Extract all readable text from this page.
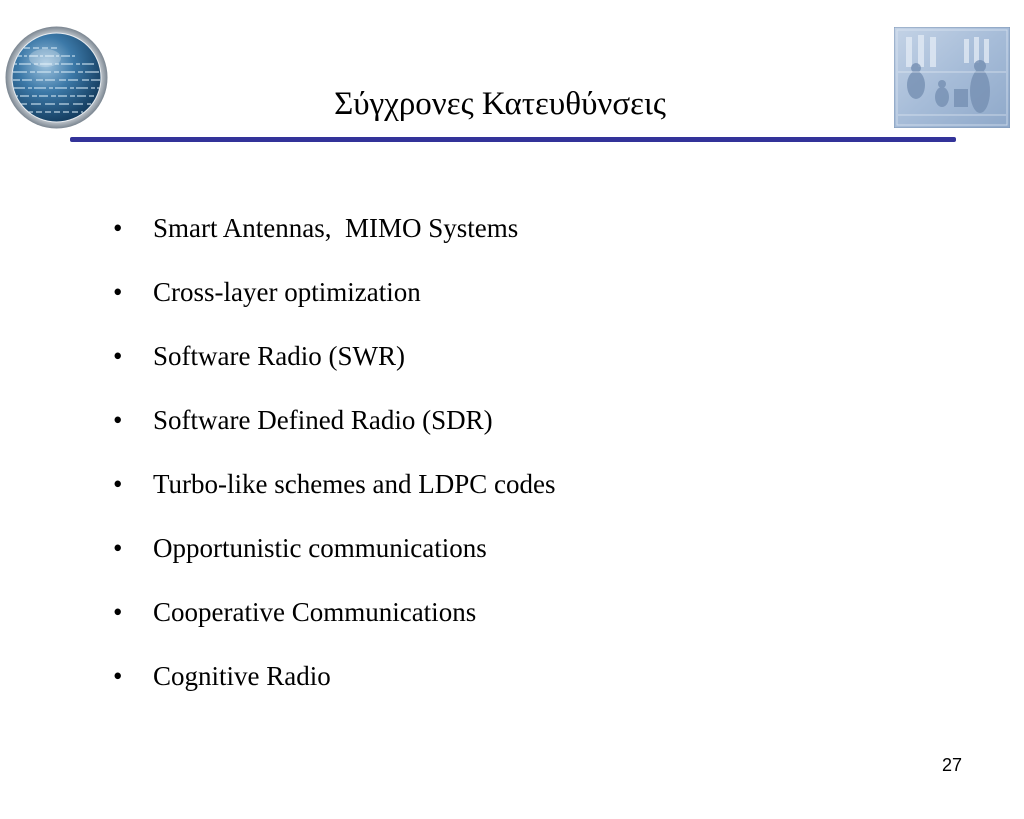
Σύγχρονες Κατευθύνσεις

•

	Smart Antennas,  MIMO Systems

•

	Cross-layer optimization

•

	Software Radio (SWR)

•

	Software Defined Radio (SDR)

•

	Turbo-like schemes and LDPC codes

•

	Opportunistic communications

•

	Cooperative Communications

•

	Cognitive Radio

27
